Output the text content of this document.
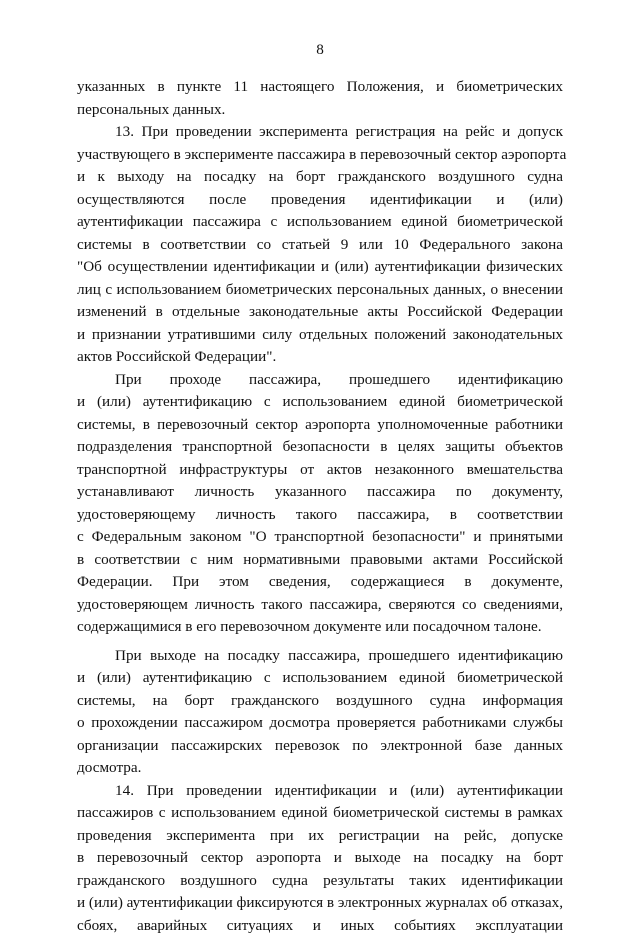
8
указанных в пункте 11 настоящего Положения, и биометрических
персональных данных.
13. При проведении эксперимента регистрация на рейс и допуск
участвующего в эксперименте пассажира в перевозочный сектор аэропорта
и к выходу на посадку на борт гражданского воздушного судна
осуществляются после проведения идентификации и (или)
аутентификации пассажира с использованием единой биометрической
системы в соответствии со статьей 9 или 10 Федерального закона
"Об осуществлении идентификации и (или) аутентификации физических
лиц с использованием биометрических персональных данных, о внесении
изменений в отдельные законодательные акты Российской Федерации
и признании утратившими силу отдельных положений законодательных
актов Российской Федерации".
При проходе пассажира, прошедшего идентификацию
и (или) аутентификацию с использованием единой биометрической
системы, в перевозочный сектор аэропорта уполномоченные работники
подразделения транспортной безопасности в целях защиты объектов
транспортной инфраструктуры от актов незаконного вмешательства
устанавливают личность указанного пассажира по документу,
удостоверяющему личность такого пассажира, в соответствии
с Федеральным законом "О транспортной безопасности" и принятыми
в соответствии с ним нормативными правовыми актами Российской
Федерации. При этом сведения, содержащиеся в документе,
удостоверяющем личность такого пассажира, сверяются со сведениями,
содержащимися в его перевозочном документе или посадочном талоне.
При выходе на посадку пассажира, прошедшего идентификацию
и (или) аутентификацию с использованием единой биометрической
системы, на борт гражданского воздушного судна информация
о прохождении пассажиром досмотра проверяется работниками службы
организации пассажирских перевозок по электронной базе данных
досмотра.
14. При проведении идентификации и (или) аутентификации
пассажиров с использованием единой биометрической системы в рамках
проведения эксперимента при их регистрации на рейс, допуске
в перевозочный сектор аэропорта и выходе на посадку на борт
гражданского воздушного судна результаты таких идентификации
и (или) аутентификации фиксируются в электронных журналах об отказах,
сбоях, аварийных ситуациях и иных событиях эксплуатации
